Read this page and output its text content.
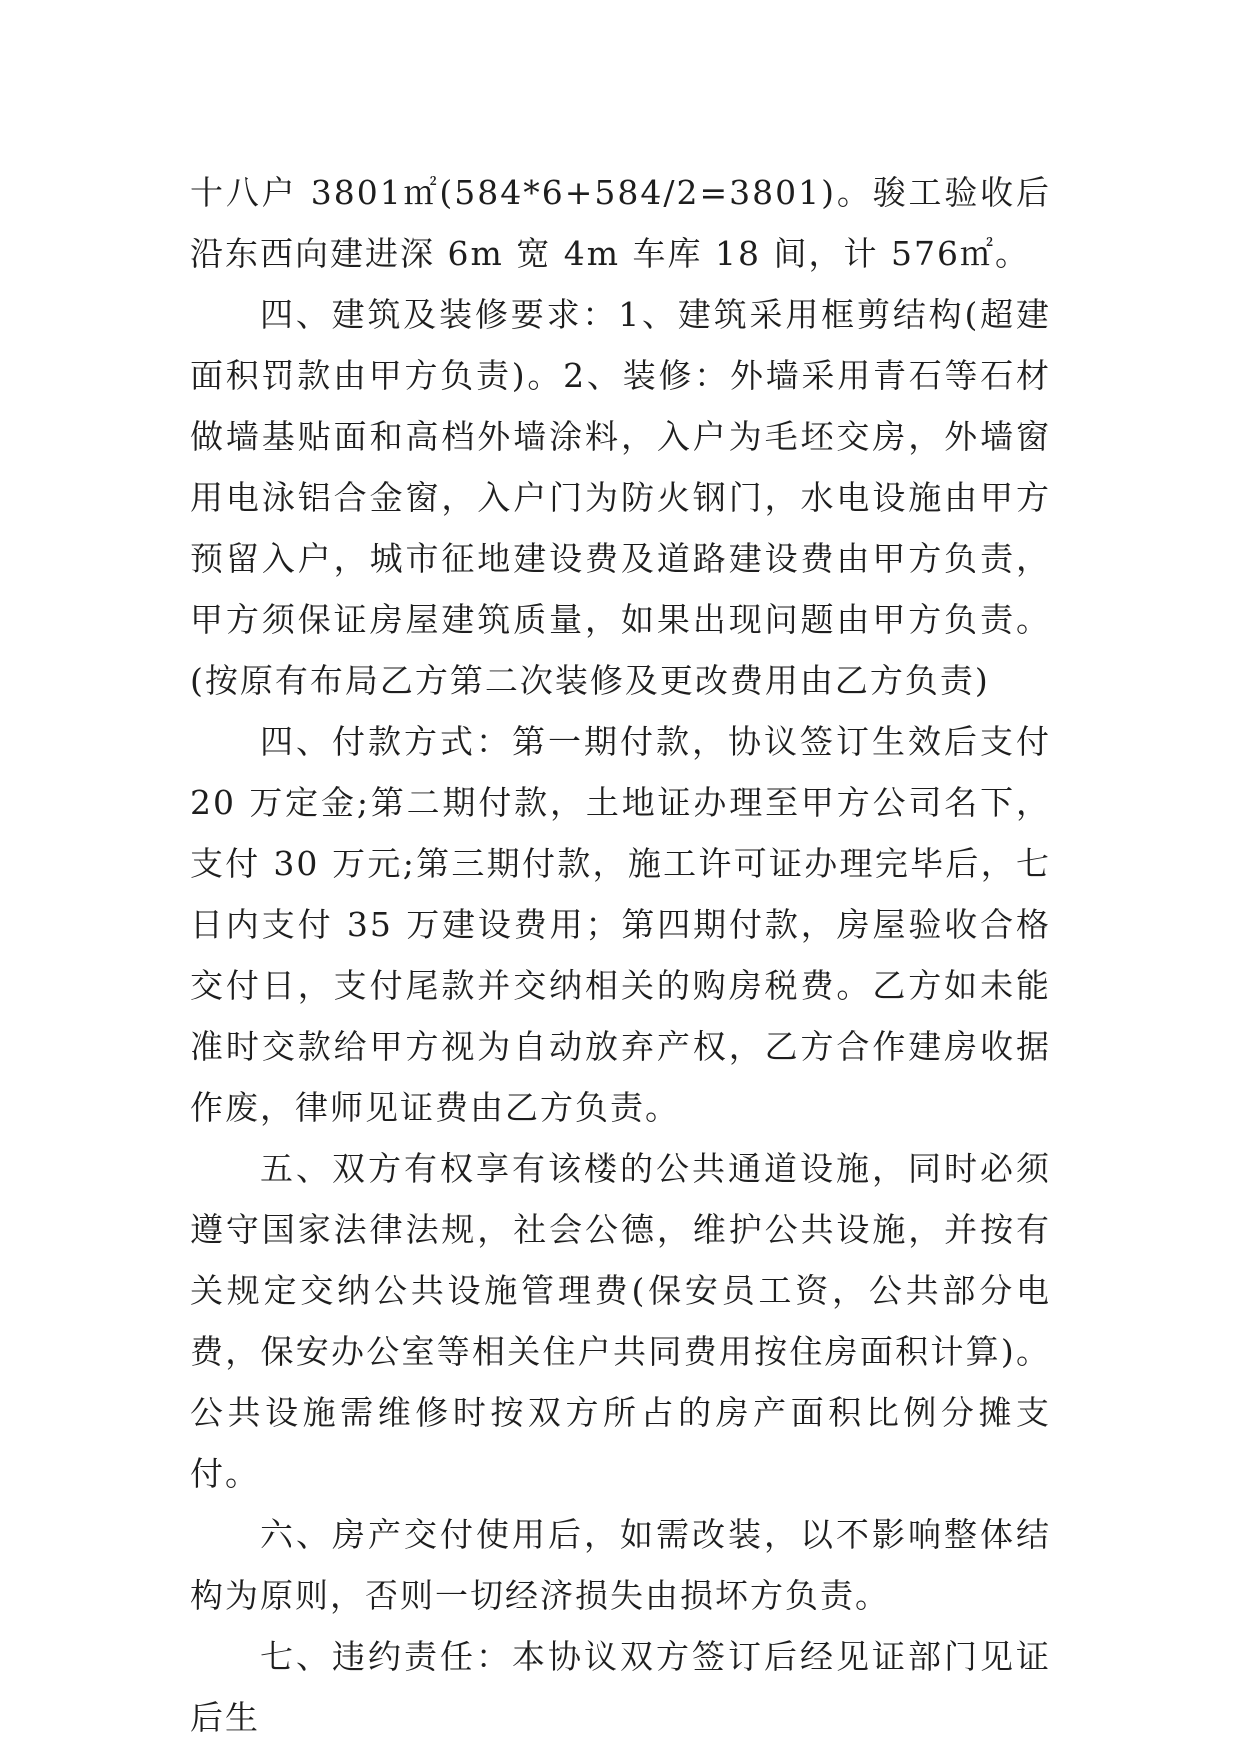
十八户 3801㎡(584*6+584/2=3801)。骏工验收后沿东西向建进深 6m 宽 4m 车库 18 间，计 576㎡。

四、建筑及装修要求：1、建筑采用框剪结构(超建面积罚款由甲方负责)。2、装修：外墙采用青石等石材做墙基贴面和高档外墙涂料，入户为毛坯交房，外墙窗用电泳铝合金窗，入户门为防火钢门，水电设施由甲方预留入户，城市征地建设费及道路建设费由甲方负责，甲方须保证房屋建筑质量，如果出现问题由甲方负责。(按原有布局乙方第二次装修及更改费用由乙方负责)

四、付款方式：第一期付款，协议签订生效后支付 20 万定金;第二期付款，土地证办理至甲方公司名下，支付 30 万元;第三期付款，施工许可证办理完毕后，七日内支付 35 万建设费用；第四期付款，房屋验收合格交付日，支付尾款并交纳相关的购房税费。乙方如未能准时交款给甲方视为自动放弃产权，乙方合作建房收据作废，律师见证费由乙方负责。

五、双方有权享有该楼的公共通道设施，同时必须遵守国家法律法规，社会公德，维护公共设施，并按有关规定交纳公共设施管理费(保安员工资，公共部分电费，保安办公室等相关住户共同费用按住房面积计算)。公共设施需维修时按双方所占的房产面积比例分摊支付。

六、房产交付使用后，如需改装，以不影响整体结构为原则，否则一切经济损失由损坏方负责。

七、违约责任：本协议双方签订后经见证部门见证后生
